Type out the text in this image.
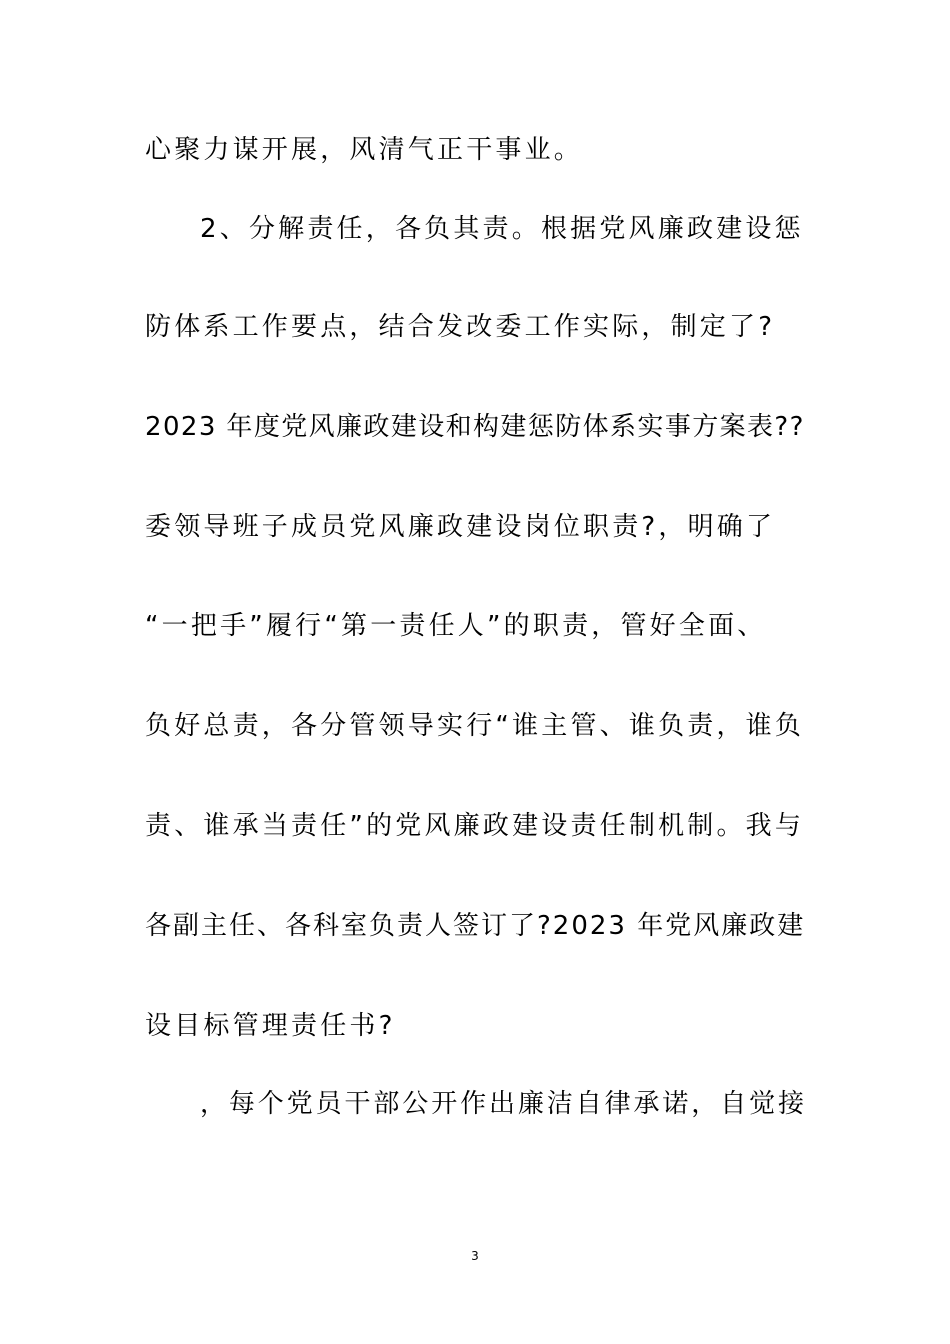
心聚力谋开展，风清气正干事业。
2、分解责任，各负其责。根据党风廉政建设惩
防体系工作要点，结合发改委工作实际，制定了?
2023 年度党风廉政建设和构建惩防体系实事方案表??
委领导班子成员党风廉政建设岗位职责?，明确了
“一把手”履行“第一责任人”的职责，管好全面、
负好总责，各分管领导实行“谁主管、谁负责，谁负
责、谁承当责任”的党风廉政建设责任制机制。我与
各副主任、各科室负责人签订了?2023 年党风廉政建
设目标管理责任书?
，每个党员干部公开作出廉洁自律承诺，自觉接
3
